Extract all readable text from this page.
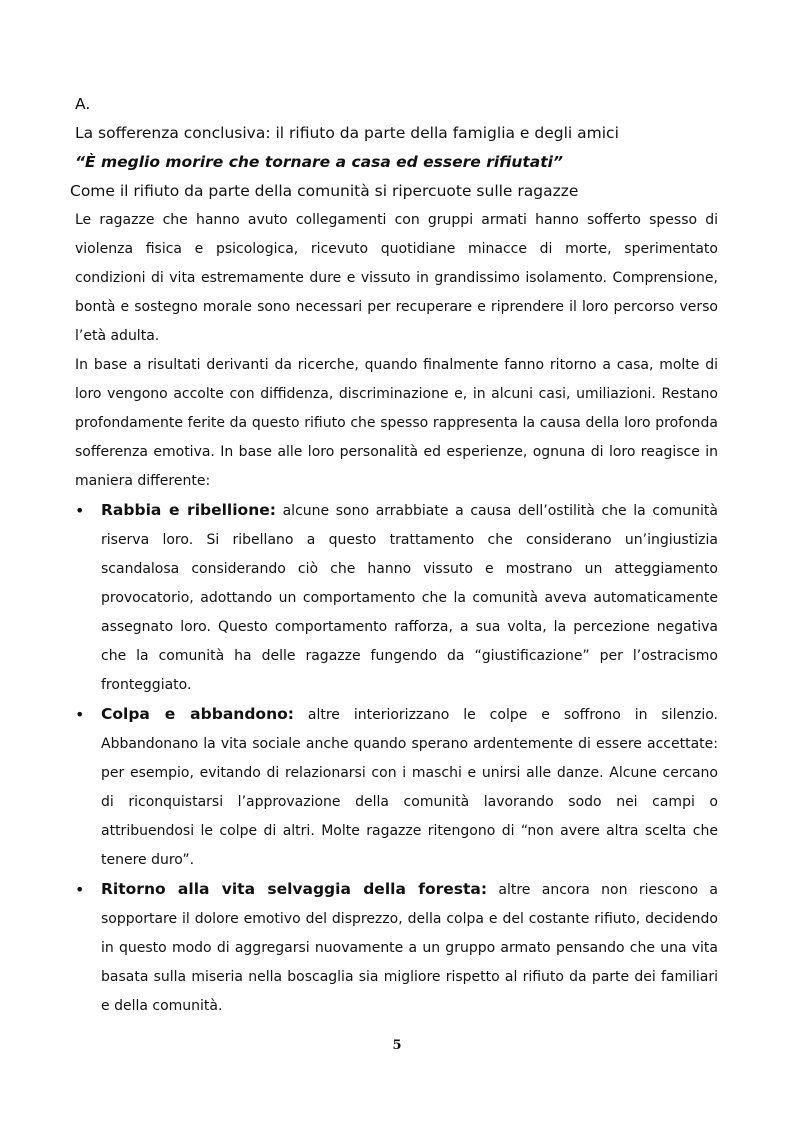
A.
La sofferenza conclusiva: il rifiuto da parte della famiglia e degli amici
“È meglio morire che tornare a casa ed essere rifiutati”
Come il rifiuto da parte della comunità si ripercuote sulle ragazze
Le ragazze che hanno avuto collegamenti con gruppi armati hanno sofferto spesso di violenza fisica e psicologica, ricevuto quotidiane minacce di morte, sperimentato condizioni di vita estremamente dure e vissuto in grandissimo isolamento. Comprensione, bontà e sostegno morale sono necessari per recuperare e riprendere il loro percorso verso l’età adulta.
In base a risultati derivanti da ricerche, quando finalmente fanno ritorno a casa, molte di loro vengono accolte con diffidenza, discriminazione e, in alcuni casi, umiliazioni. Restano profondamente ferite da questo rifiuto che spesso rappresenta la causa della loro profonda sofferenza emotiva. In base alle loro personalità ed esperienze, ognuna di loro reagisce in maniera differente:
• Rabbia e ribellione: alcune sono arrabbiate a causa dell’ostilità che la comunità riserva loro. Si ribellano a questo trattamento che considerano un’ingiustizia scandalosa considerando ciò che hanno vissuto e mostrano un atteggiamento provocatorio, adottando un comportamento che la comunità aveva automaticamente assegnato loro. Questo comportamento rafforza, a sua volta, la percezione negativa che la comunità ha delle ragazze fungendo da “giustificazione” per l’ostracismo fronteggiato.
• Colpa e abbandono: altre interiorizzano le colpe e soffrono in silenzio. Abbandonano la vita sociale anche quando sperano ardentemente di essere accettate: per esempio, evitando di relazionarsi con i maschi e unirsi alle danze. Alcune cercano di riconquistarsi l’approvazione della comunità lavorando sodo nei campi o attribuendosi le colpe di altri. Molte ragazze ritengono di “non avere altra scelta che tenere duro”.
• Ritorno alla vita selvaggia della foresta: altre ancora non riescono a sopportare il dolore emotivo del disprezzo, della colpa e del costante rifiuto, decidendo in questo modo di aggregarsi nuovamente a un gruppo armato pensando che una vita basata sulla miseria nella boscaglia sia migliore rispetto al rifiuto da parte dei familiari e della comunità.
5
